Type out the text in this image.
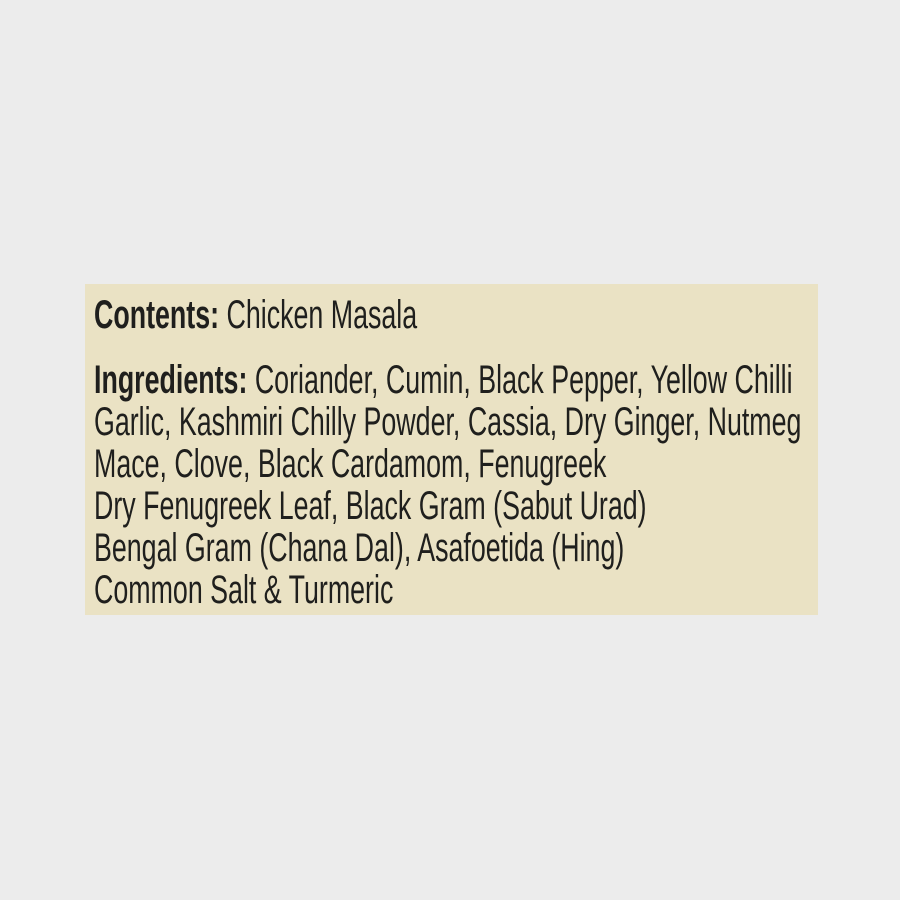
Contents: Chicken Masala

Ingredients: Coriander, Cumin, Black Pepper, Yellow Chilli
Garlic, Kashmiri Chilly Powder, Cassia, Dry Ginger, Nutmeg
Mace, Clove, Black Cardamom, Fenugreek
Dry Fenugreek Leaf, Black Gram (Sabut Urad)
Bengal Gram (Chana Dal), Asafoetida (Hing)
Common Salt & Turmeric
